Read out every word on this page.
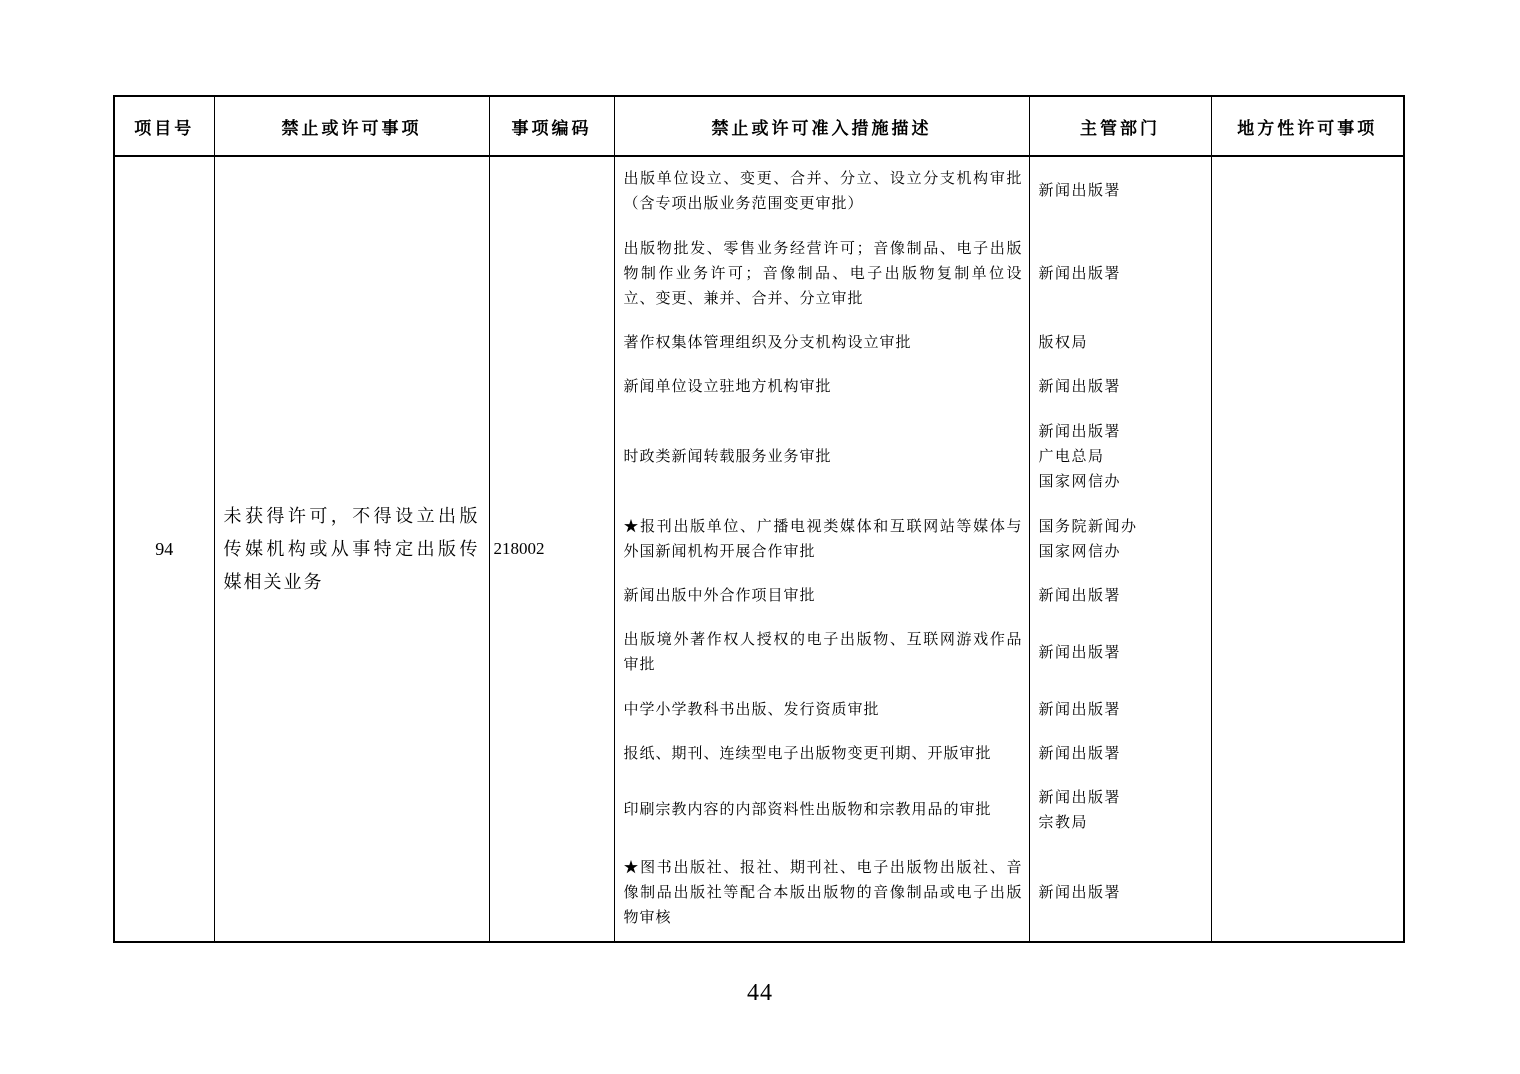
项目号	禁止或许可事项	事项编码	禁止或许可准入措施描述	主管部门	地方性许可事项
94	未获得许可，不得设立出版传媒机构或从事特定出版传媒相关业务	218002	出版单位设立、变更、合并、分立、设立分支机构审批（含专项出版业务范围变更审批）	新闻出版署	

			出版物批发、零售业务经营许可；音像制品、电子出版物制作业务许可；音像制品、电子出版物复制单位设立、变更、兼并、合并、分立审批	新闻出版署	

			著作权集体管理组织及分支机构设立审批	版权局	

			新闻单位设立驻地方机构审批	新闻出版署	

			时政类新闻转载服务业务审批	新闻出版署
广电总局
国家网信办	

			★报刊出版单位、广播电视类媒体和互联网站等媒体与外国新闻机构开展合作审批	国务院新闻办
国家网信办	

			新闻出版中外合作项目审批	新闻出版署	

			出版境外著作权人授权的电子出版物、互联网游戏作品审批	新闻出版署	

			中学小学教科书出版、发行资质审批	新闻出版署	

			报纸、期刊、连续型电子出版物变更刊期、开版审批	新闻出版署	

			印刷宗教内容的内部资料性出版物和宗教用品的审批	新闻出版署
宗教局	

			★图书出版社、报社、期刊社、电子出版物出版社、音像制品出版社等配合本版出版物的音像制品或电子出版物审核	新闻出版署	
44
